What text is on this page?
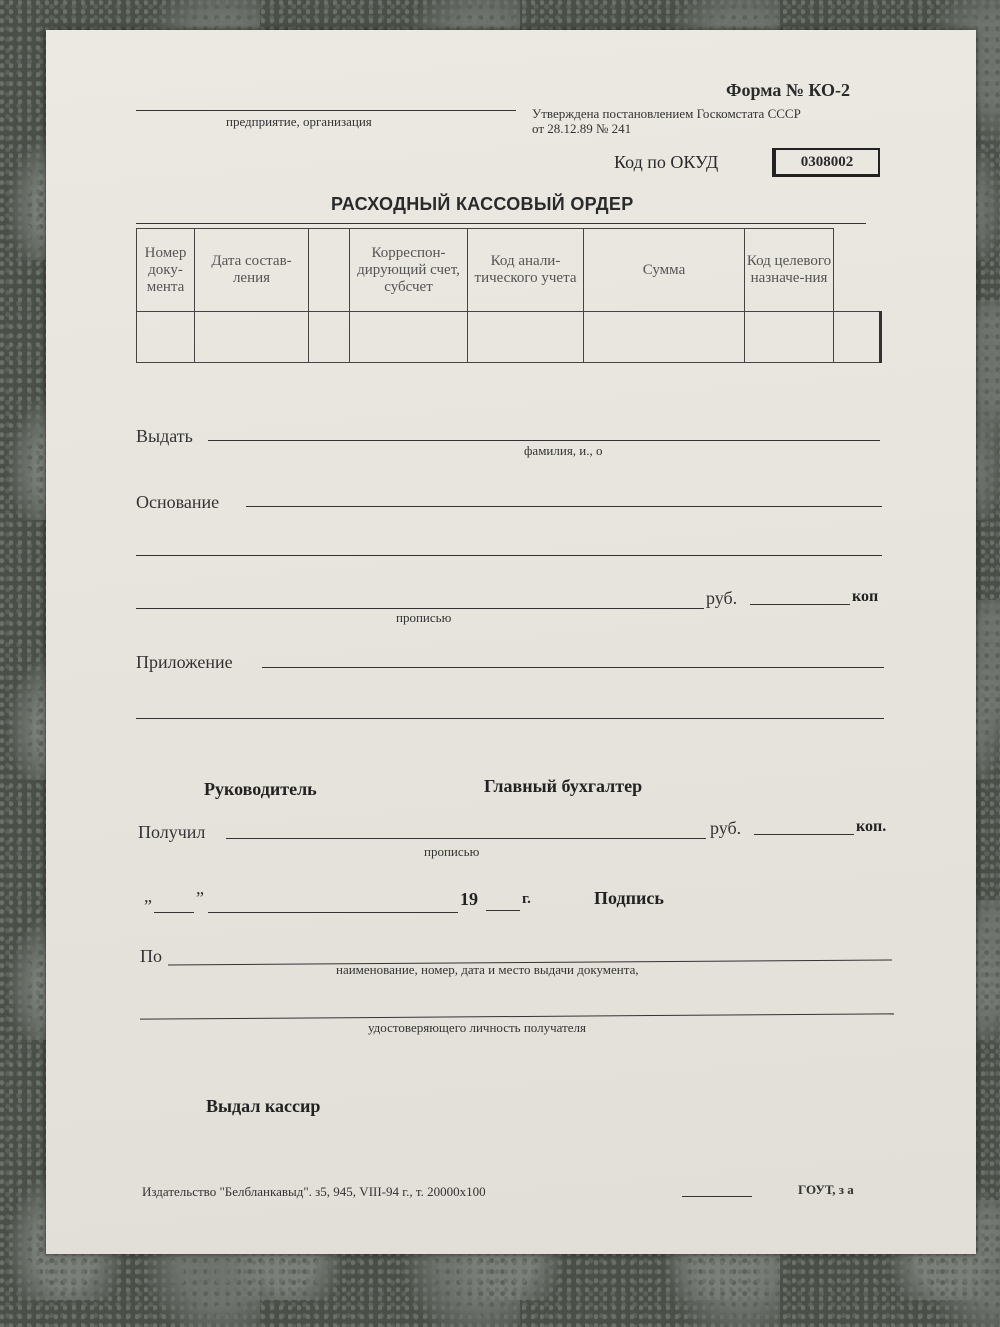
Форма № КО-2
предприятие, организация
Утверждена постановлением Госкомстата СССР
от 28.12.89 № 241
Код по ОКУД	0308002
РАСХОДНЫЙ КАССОВЫЙ ОРДЕР
Номер доку-мента	Дата состав-ления		Корреспон-дирующий счет, субсчет	Код анали-тического учета	Сумма	Код целевого назначе-ния	

Выдать
фамилия, и., о
Основание
руб.	коп
прописью
Приложение
Руководитель	Главный бухгалтер
Получил	руб.	коп.
прописью
„ ”	19	г.	Подпись
По
наименование, номер, дата и место выдачи документа,
удостоверяющего личность получателя
Выдал кассир
Издательство "Белбланкавыд". з5, 945, VIII-94 г., т. 20000х100	ГОУТ, з а
